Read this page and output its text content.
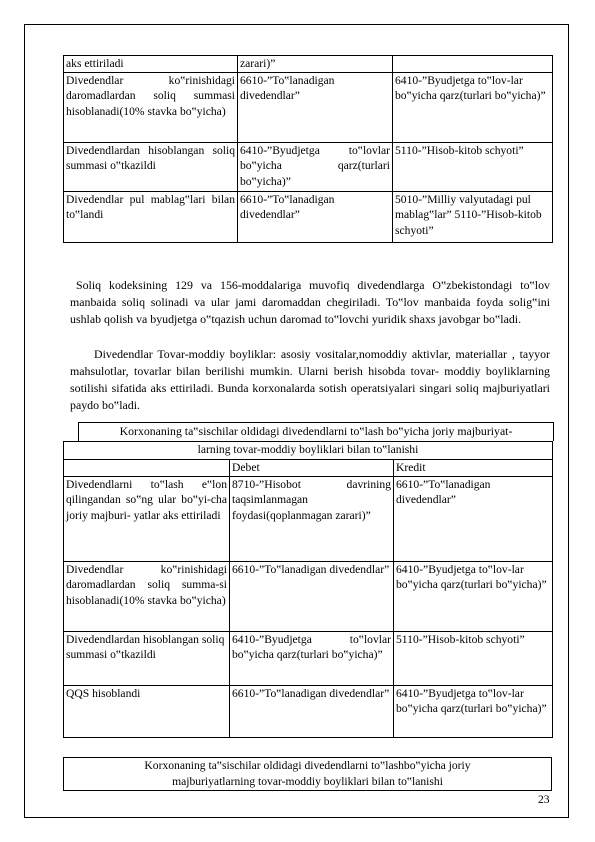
aks ettiriladi	zarari)”	
Divedendlar ko‟rinishidagi daromadlardan soliq summasi hisoblanadi(10% stavka bo‟yicha)	6610-”To‟lanadigan divedendlar”	6410-”Byudjetga to‟lov-lar bo‟yicha qarz(turlari bo‟yicha)”
Divedendlardan hisoblangan soliq summasi o‟tkazildi	6410-”Byudjetga to‟lovlar bo‟yicha qarz(turlari bo‟yicha)”	5110-”Hisob-kitob schyoti”
Divedendlar pul mablag‟lari bilan to‟landi	6610-”To‟lanadigan divedendlar”	5010-”Milliy valyutadagi pul mablag‟lar” 5110-”Hisob-kitob schyoti”
Soliq kodeksining 129 va 156-moddalariga muvofiq divedendlarga O‟zbekistondagi to‟lov manbaida soliq solinadi va ular jami daromaddan chegiriladi. To‟lov manbaida foyda solig‟ini ushlab qolish va byudjetga o‟tqazish uchun daromad to‟lovchi yuridik shaxs javobgar bo‟ladi.
Divedendlar Tovar-moddiy boyliklar: asosiy vositalar,nomoddiy aktivlar, materiallar , tayyor mahsulotlar, tovarlar bilan berilishi mumkin. Ularni berish hisobda tovar- moddiy boyliklarning sotilishi sifatida aks ettiriladi. Bunda korxonalarda sotish operatsiyalari singari soliq majburiyatlari paydo bo‟ladi.
Korxonaning ta‟sischilar oldidagi divedendlarni to‟lash bo‟yicha joriy majburiyat-
larning tovar-moddiy boyliklari bilan to‟lanishi		
	Debet	Kredit
Divedendlarni to‟lash e‟lon qilingandan so‟ng ular bo‟yi-cha joriy majburi- yatlar aks ettiriladi	8710-”Hisobot davrining taqsimlanmagan foydasi(qoplanmagan zarari)”	6610-”To‟lanadigan divedendlar”
Divedendlar ko‟rinishidagi daromadlardan soliq summa-si hisoblanadi(10% stavka bo‟yicha)	6610-”To‟lanadigan divedendlar”	6410-”Byudjetga to‟lov-lar bo‟yicha qarz(turlari bo‟yicha)”
Divedendlardan hisoblangan soliq summasi o‟tkazildi	6410-”Byudjetga to‟lovlar bo‟yicha qarz(turlari bo‟yicha)”	5110-”Hisob-kitob schyoti”
QQS hisoblandi	6610-”To‟lanadigan divedendlar”	6410-”Byudjetga to‟lov-lar bo‟yicha qarz(turlari bo‟yicha)”
Korxonaning ta‟sischilar oldidagi divedendlarni to‟lashbo‟yicha joriy
majburiyatlarning tovar-moddiy boyliklari bilan to‟lanishi
23
